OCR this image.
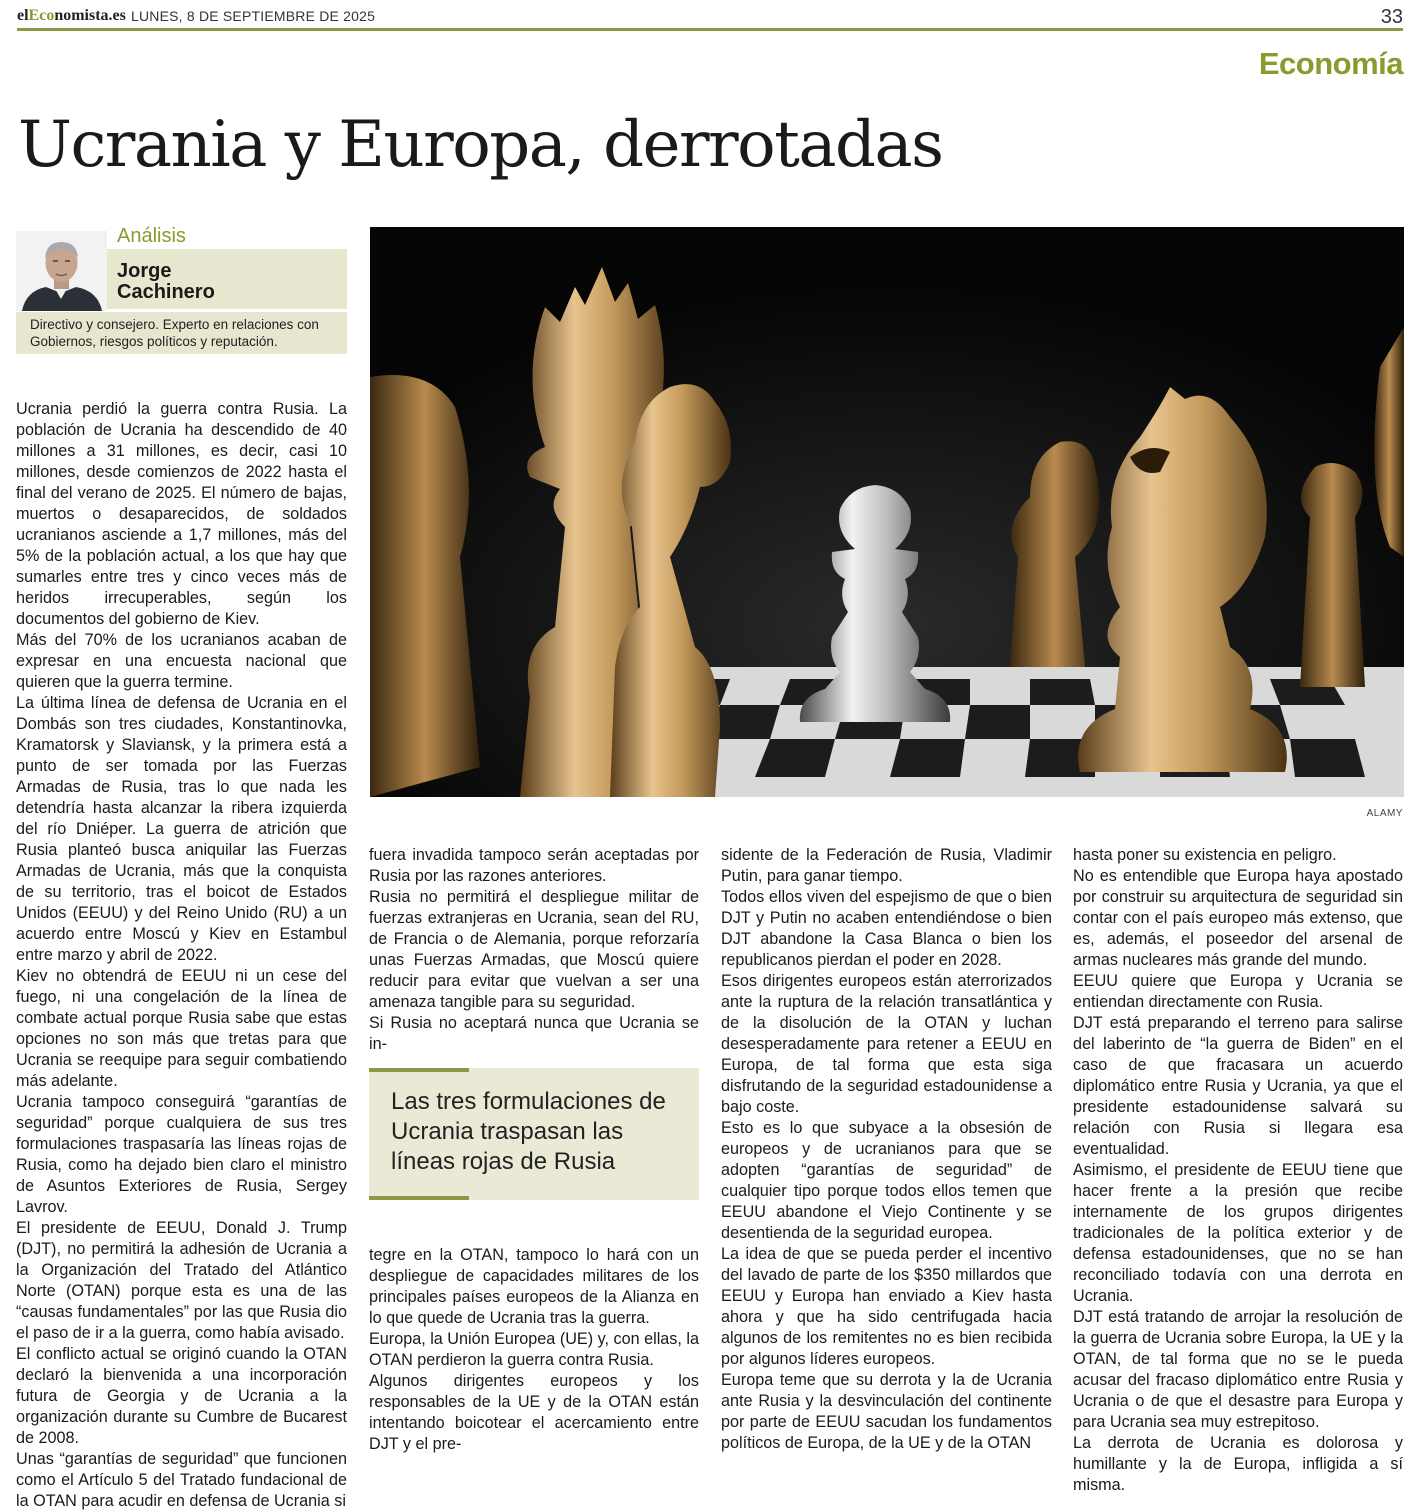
elEconomista.es LUNES, 8 DE SEPTIEMBRE DE 2025	33
Economía
Ucrania y Europa, derrotadas
Análisis
Jorge
Cachinero
Directivo y consejero. Experto en relaciones con Gobiernos, riesgos políticos y reputación.
ALAMY

Ucrania perdió la guerra contra Rusia. La población de Ucrania ha descendido de 40 millones a 31 millones, es decir, casi 10 millones, desde comienzos de 2022 hasta el final del verano de 2025. El número de bajas, muertos o desaparecidos, de soldados ucranianos asciende a 1,7 millones, más del 5% de la población actual, a los que hay que sumarles entre tres y cinco veces más de heridos irrecuperables, según los documentos del gobierno de Kiev.

Más del 70% de los ucranianos acaban de expresar en una encuesta nacional que quieren que la guerra termine.

La última línea de defensa de Ucrania en el Dombás son tres ciudades, Konstantinovka, Kramatorsk y Slaviansk, y la primera está a punto de ser tomada por las Fuerzas Armadas de Rusia, tras lo que nada les detendría hasta alcanzar la ribera izquierda del río Dniéper. La guerra de atrición que Rusia planteó busca aniquilar las Fuerzas Armadas de Ucrania, más que la conquista de su territorio, tras el boicot de Estados Unidos (EEUU) y del Reino Unido (RU) a un acuerdo entre Moscú y Kiev en Estambul entre marzo y abril de 2022.

Kiev no obtendrá de EEUU ni un cese del fuego, ni una congelación de la línea de combate actual porque Rusia sabe que estas opciones no son más que tretas para que Ucrania se reequipe para seguir combatiendo más adelante.

Ucrania tampoco conseguirá “garantías de seguridad” porque cualquiera de sus tres formulaciones traspasaría las líneas rojas de Rusia, como ha dejado bien claro el ministro de Asuntos Exteriores de Rusia, Sergey Lavrov.

El presidente de EEUU, Donald J. Trump (DJT), no permitirá la adhesión de Ucrania a la Organización del Tratado del Atlántico Norte (OTAN) porque esta es una de las “causas fundamentales” por las que Rusia dio el paso de ir a la guerra, como había avisado.

El conflicto actual se originó cuando la OTAN declaró la bienvenida a una incorporación futura de Georgia y de Ucrania a la organización durante su Cumbre de Bucarest de 2008.

Unas “garantías de seguridad” que funcionen como el Artículo 5 del Tratado fundacional de la OTAN para acudir en defensa de Ucrania si

fuera invadida tampoco serán aceptadas por Rusia por las razones anteriores.

Rusia no permitirá el despliegue militar de fuerzas extranjeras en Ucrania, sean del RU, de Francia o de Alemania, porque reforzaría unas Fuerzas Armadas, que Moscú quiere reducir para evitar que vuelvan a ser una amenaza tangible para su seguridad.

Si Rusia no aceptará nunca que Ucrania se in-

Las tres formulaciones de Ucrania traspasan las líneas rojas de Rusia

tegre en la OTAN, tampoco lo hará con un despliegue de capacidades militares de los principales países europeos de la Alianza en lo que quede de Ucrania tras la guerra.

Europa, la Unión Europea (UE) y, con ellas, la OTAN perdieron la guerra contra Rusia.

Algunos dirigentes europeos y los responsables de la UE y de la OTAN están intentando boicotear el acercamiento entre DJT y el pre-

sidente de la Federación de Rusia, Vladimir Putin, para ganar tiempo.

Todos ellos viven del espejismo de que o bien DJT y Putin no acaben entendiéndose o bien DJT abandone la Casa Blanca o bien los republicanos pierdan el poder en 2028.

Esos dirigentes europeos están aterrorizados ante la ruptura de la relación transatlántica y de la disolución de la OTAN y luchan desesperadamente para retener a EEUU en Europa, de tal forma que esta siga disfrutando de la seguridad estadounidense a bajo coste.

Esto es lo que subyace a la obsesión de europeos y de ucranianos para que se adopten “garantías de seguridad” de cualquier tipo porque todos ellos temen que EEUU abandone el Viejo Continente y se desentienda de la seguridad europea.

La idea de que se pueda perder el incentivo del lavado de parte de los $350 millardos que EEUU y Europa han enviado a Kiev hasta ahora y que ha sido centrifugada hacia algunos de los remitentes no es bien recibida por algunos líderes europeos.

Europa teme que su derrota y la de Ucrania ante Rusia y la desvinculación del continente por parte de EEUU sacudan los fundamentos políticos de Europa, de la UE y de la OTAN

hasta poner su existencia en peligro.

No es entendible que Europa haya apostado por construir su arquitectura de seguridad sin contar con el país europeo más extenso, que es, además, el poseedor del arsenal de armas nucleares más grande del mundo.

EEUU quiere que Europa y Ucrania se entiendan directamente con Rusia.

DJT está preparando el terreno para salirse del laberinto de “la guerra de Biden” en el caso de que fracasara un acuerdo diplomático entre Rusia y Ucrania, ya que el presidente estadounidense salvará su relación con Rusia si llegara esa eventualidad.

Asimismo, el presidente de EEUU tiene que hacer frente a la presión que recibe internamente de los grupos dirigentes tradicionales de la política exterior y de defensa estadounidenses, que no se han reconciliado todavía con una derrota en Ucrania.

DJT está tratando de arrojar la resolución de la guerra de Ucrania sobre Europa, la UE y la OTAN, de tal forma que no se le pueda acusar del fracaso diplomático entre Rusia y Ucrania o de que el desastre para Europa y para Ucrania sea muy estrepitoso.

La derrota de Ucrania es dolorosa y humillante y la de Europa, infligida a sí misma.
